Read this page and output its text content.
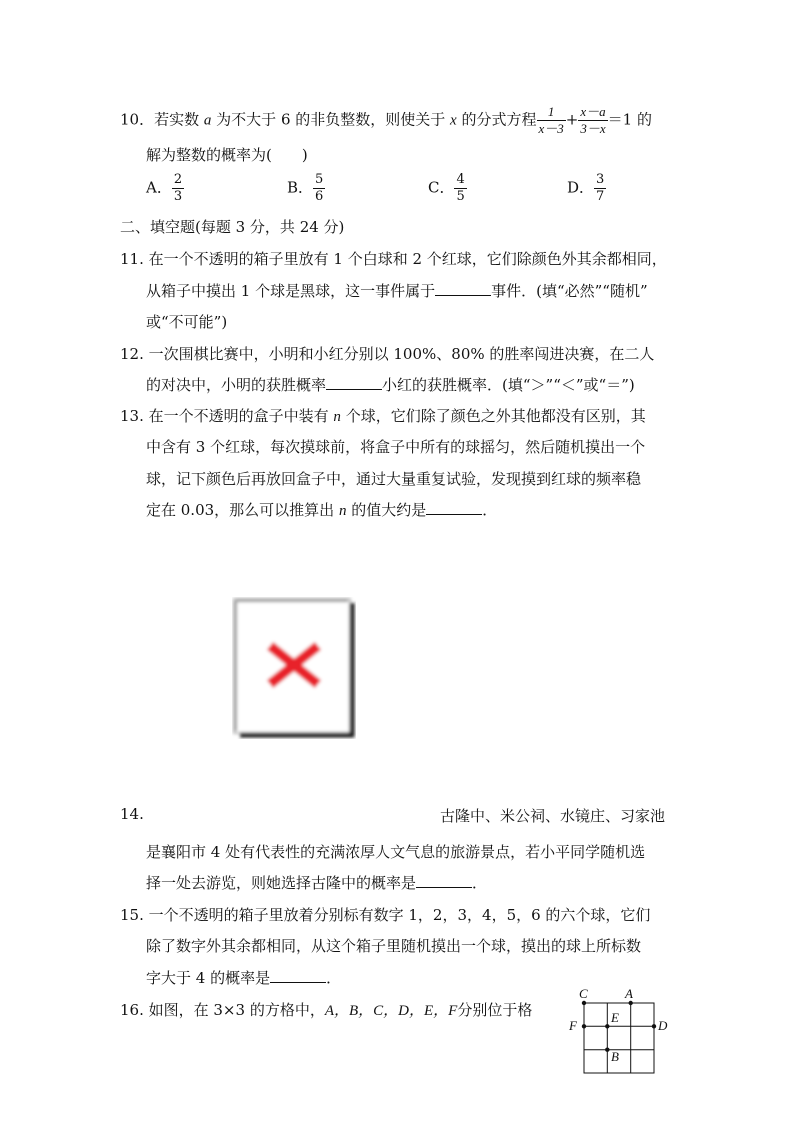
10．若实数 a 为不大于 6 的非负整数，则使关于 x 的分式方程 $\frac{1}{x-3} + \frac{x-a}{3-x} =1$ 的
解为整数的概率为(　　)
A． $\frac{2}{3}$	B． $\frac{5}{6}$	C． $\frac{4}{5}$	D． $\frac{3}{7}$
二、填空题(每题 3 分，共 24 分)
11. 在一个不透明的箱子里放有 1 个白球和 2 个红球，它们除颜色外其余都相同，
从箱子中摸出 1 个球是黑球，这一事件属于	事件．(填“必然”“随机”
或“不可能”)
12. 一次围棋比赛中，小明和小红分别以 100%、80% 的胜率闯进决赛，在二人
的对决中，小明的获胜概率	小红的获胜概率．(填“＞”“＜”或“＝”)
13. 在一个不透明的盒子中装有 n 个球，它们除了颜色之外其他都没有区别，其
中含有 3 个红球，每次摸球前，将盒子中所有的球摇匀，然后随机摸出一个
球，记下颜色后再放回盒子中，通过大量重复试验，发现摸到红球的频率稳
定在 0.03，那么可以推算出 n 的值大约是	．
14.	古隆中、米公祠、水镜庄、习家池
是襄阳市 4 处有代表性的充满浓厚人文气息的旅游景点，若小平同学随机选
择一处去游览，则她选择古隆中的概率是	．
15. 一个不透明的箱子里放着分别标有数字 1，2，3，4，5，6 的六个球，它们
除了数字外其余都相同，从这个箱子里随机摸出一个球，摸出的球上所标数
字大于 4 的概率是	．
16. 如图，在 3×3 的方格中，A，B，C，D，E，F分别位于格
C	A
F
E
D
B
